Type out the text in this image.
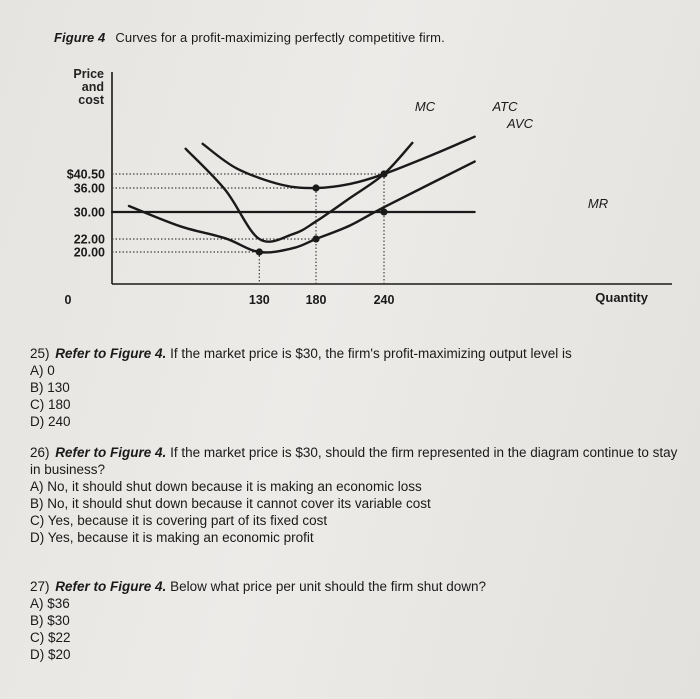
Figure 4 Curves for a profit-maximizing perfectly competitive firm.
Price
and
cost	MC	ATC
AVC
MR
$40.50
36.00
30.00
22.00
20.00
130	180	240
0	Quantity
25) Refer to Figure 4. If the market price is $30, the firm's profit-maximizing output level is
A) 0
B) 130
C) 180
D) 240
26) Refer to Figure 4. If the market price is $30, should the firm represented in the diagram continue to stay in business?
A) No, it should shut down because it is making an economic loss
B) No, it should shut down because it cannot cover its variable cost
C) Yes, because it is covering part of its fixed cost
D) Yes, because it is making an economic profit
27) Refer to Figure 4. Below what price per unit should the firm shut down?
A) $36
B) $30
C) $22
D) $20
